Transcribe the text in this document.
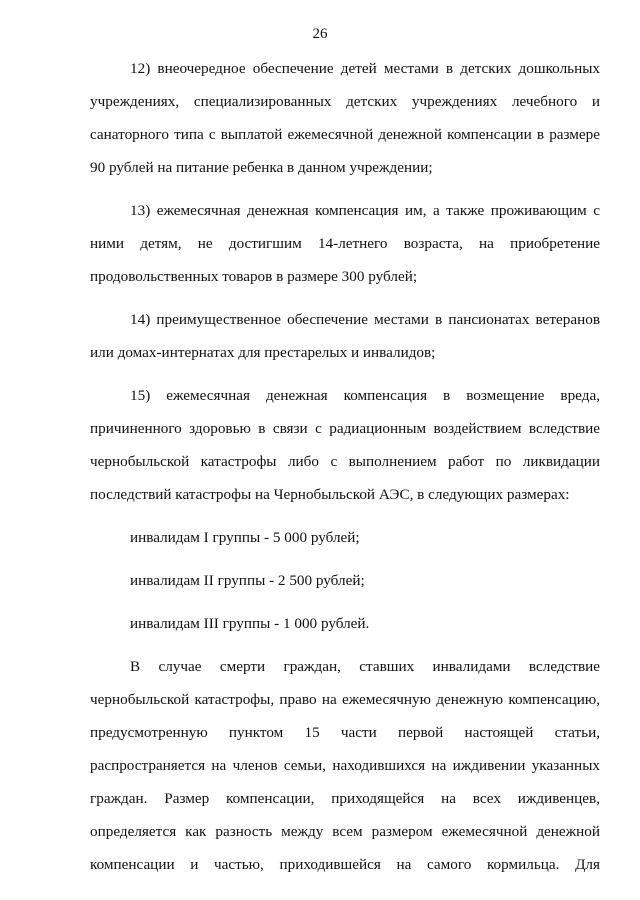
26
12) внеочередное обеспечение детей местами в детских дошкольных
учреждениях, специализированных детских учреждениях лечебного и
санаторного типа с выплатой ежемесячной денежной компенсации в размере
90 рублей на питание ребенка в данном учреждении;
13) ежемесячная денежная компенсация им, а также проживающим с
ними детям, не достигшим 14-летнего возраста, на приобретение
продовольственных товаров в размере 300 рублей;
14) преимущественное обеспечение местами в пансионатах ветеранов
или домах-интернатах для престарелых и инвалидов;
15) ежемесячная денежная компенсация в возмещение вреда,
причиненного здоровью в связи с радиационным воздействием вследствие
чернобыльской катастрофы либо с выполнением работ по ликвидации
последствий катастрофы на Чернобыльской АЭС, в следующих размерах:
инвалидам I группы - 5 000 рублей;
инвалидам II группы - 2 500 рублей;
инвалидам III группы - 1 000 рублей.
В случае смерти граждан, ставших инвалидами вследствие
чернобыльской катастрофы, право на ежемесячную денежную компенсацию,
предусмотренную пунктом 15 части первой настоящей статьи,
распространяется на членов семьи, находившихся на иждивении указанных
граждан. Размер компенсации, приходящейся на всех иждивенцев,
определяется как разность между всем размером ежемесячной денежной
компенсации и частью, приходившейся на самого кормильца. Для
